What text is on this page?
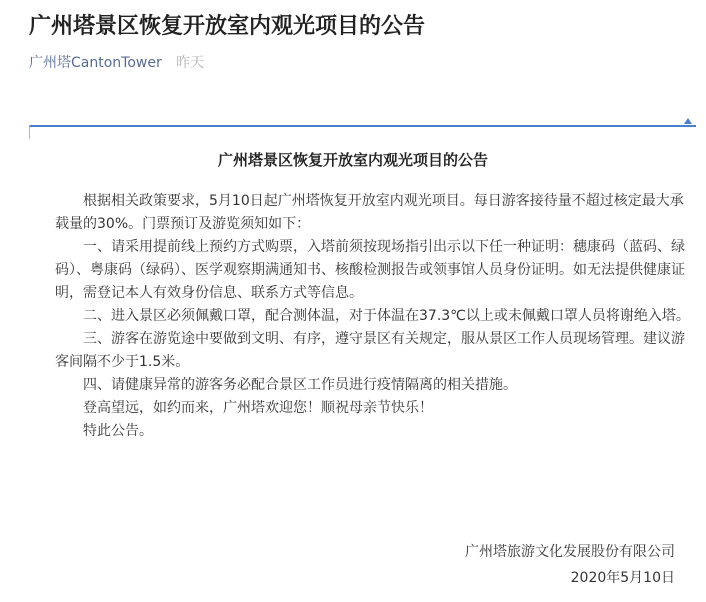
广州塔景区恢复开放室内观光项目的公告
广州塔CantonTower 昨天
广州塔景区恢复开放室内观光项目的公告

根据相关政策要求，5月10日起广州塔恢复开放室内观光项目。每日游客接待量不超过核定最大承载量的30%。门票预订及游览须知如下：

一、请采用提前线上预约方式购票，入塔前须按现场指引出示以下任一种证明：穗康码（蓝码、绿码）、粤康码（绿码）、医学观察期满通知书、核酸检测报告或领事馆人员身份证明。如无法提供健康证明，需登记本人有效身份信息、联系方式等信息。

二、进入景区必须佩戴口罩，配合测体温，对于体温在37.3℃以上或未佩戴口罩人员将谢绝入塔。

三、游客在游览途中要做到文明、有序，遵守景区有关规定，服从景区工作人员现场管理。建议游客间隔不少于1.5米。

四、请健康异常的游客务必配合景区工作员进行疫情隔离的相关措施。

登高望远，如约而来，广州塔欢迎您！顺祝母亲节快乐！

特此公告。

广州塔旅游文化发展股份有限公司
2020年5月10日
